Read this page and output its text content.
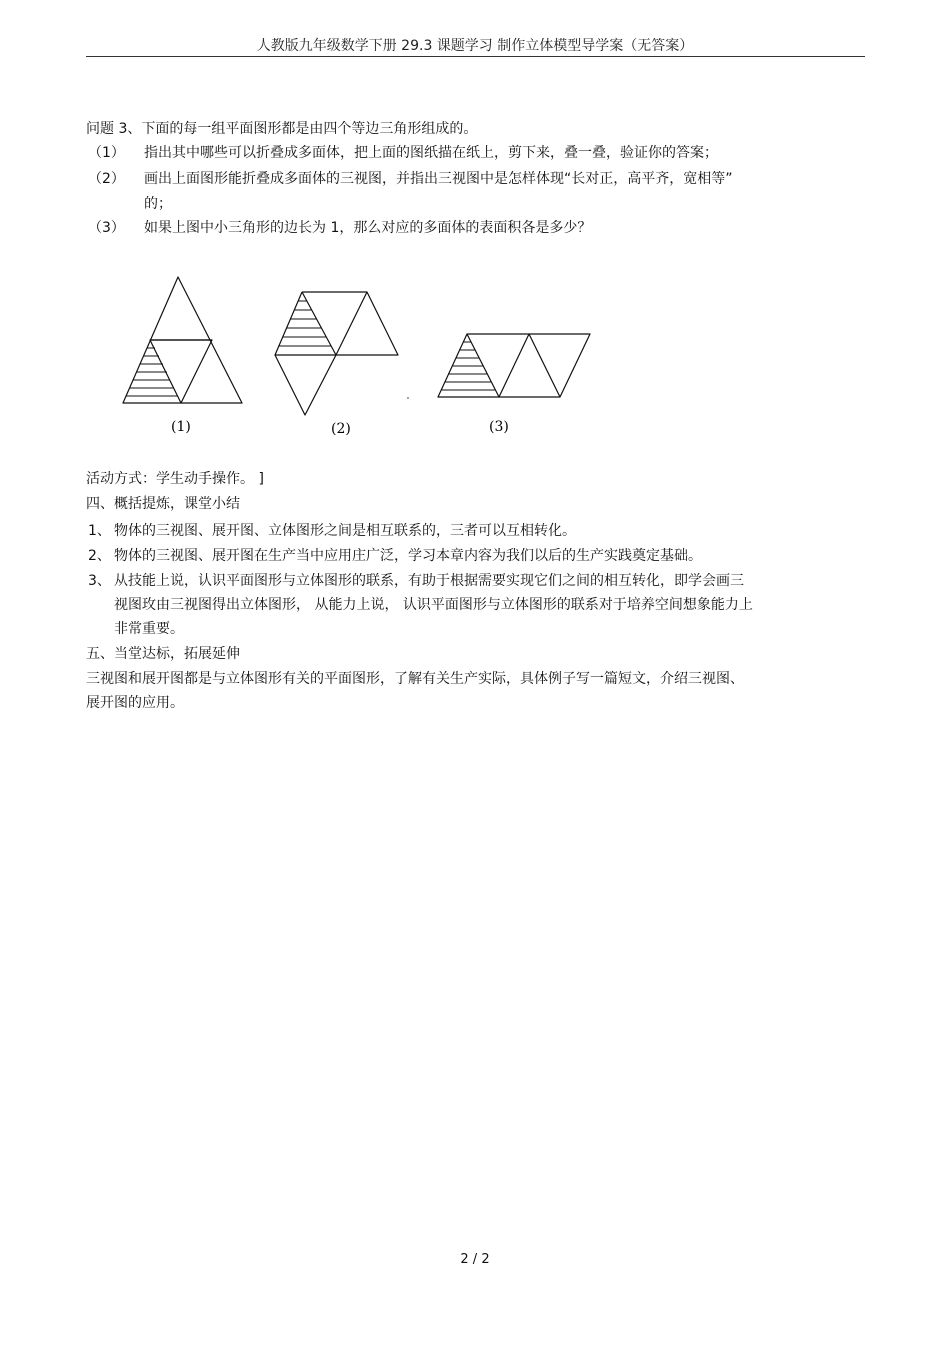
人教版九年级数学下册 29.3 课题学习 制作立体模型导学案（无答案）
问题 3、下面的每一组平面图形都是由四个等边三角形组成的。
（1） 指出其中哪些可以折叠成多面体，把上面的图纸描在纸上，剪下来，叠一叠，验证你的答案；
（2） 画出上面图形能折叠成多面体的三视图，并指出三视图中是怎样体现“长对正，高平齐，宽相等”
的；
（3） 如果上图中小三角形的边长为 1，那么对应的多面体的表面积各是多少？
(1)	(2)	(3)
活动方式：学生动手操作。 ]
四、概括提炼，课堂小结
1、 物体的三视图、展开图、立体图形之间是相互联系的，三者可以互相转化。
2、 物体的三视图、展开图在生产当中应用庄广泛，学习本章内容为我们以后的生产实践奠定基础。
3、 从技能上说，认识平面图形与立体图形的联系，有助于根据需要实现它们之间的相互转化，即学会画三
视图玫由三视图得出立体图形， 从能力上说， 认识平面图形与立体图形的联系对于培养空间想象能力上
非常重要。
五、当堂达标，拓展延伸
三视图和展开图都是与立体图形有关的平面图形，了解有关生产实际，具体例子写一篇短文，介绍三视图、
展开图的应用。
2 / 2
